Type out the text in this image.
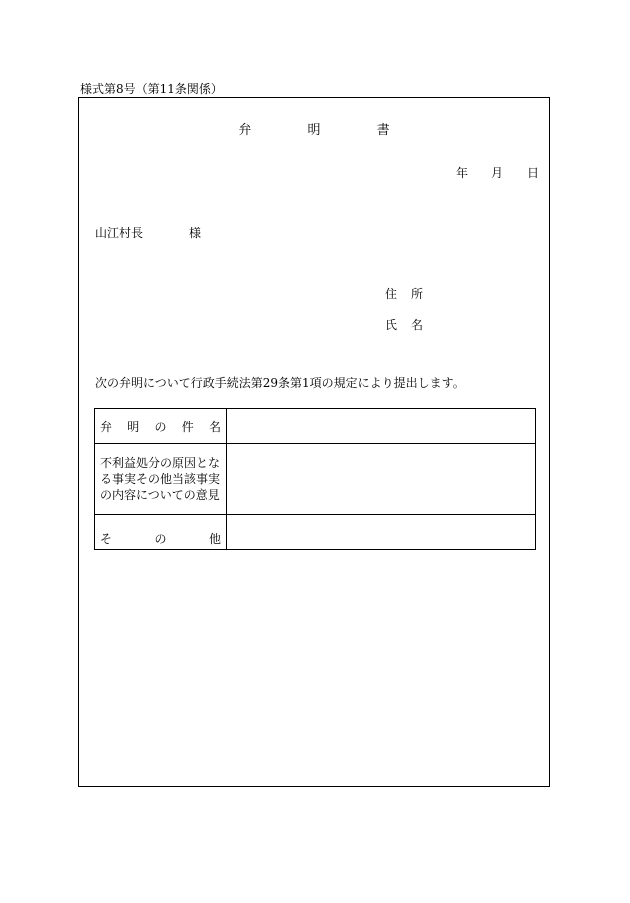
様式第8号（第11条関係）
弁	明	書
年 月 日
山江村長	様
住 所
氏 名
次の弁明について行政手続法第29条第1項の規定により提出します。
弁 明 の 件 名	

不利益処分の原因とな
る事実その他当該事実
の内容についての意見	

そ の 他	
